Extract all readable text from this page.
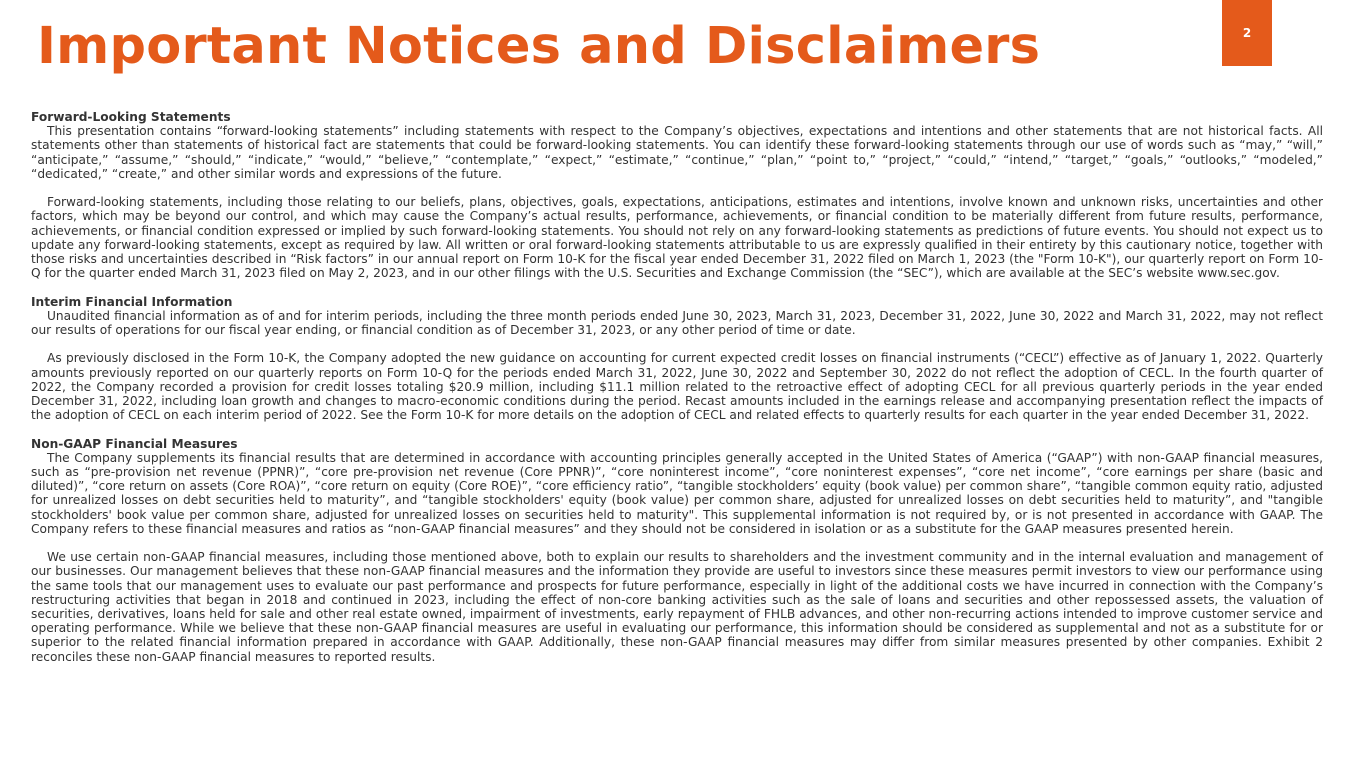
Important Notices and Disclaimers	2

Forward-Looking Statements

This presentation contains “forward-looking statements” including statements with respect to the Company’s objectives, expectations and intentions and other statements that are not historical facts. All statements other than statements of historical fact are statements that could be forward-looking statements. You can identify these forward-looking statements through our use of words such as “may,” “will,” “anticipate,” “assume,” “should,” “indicate,” “would,” “believe,” “contemplate,” “expect,” “estimate,” “continue,” “plan,” “point to,” “project,” “could,” “intend,” “target,” “goals,” “outlooks,” “modeled,” “dedicated,” “create,” and other similar words and expressions of the future.

Forward-looking statements, including those relating to our beliefs, plans, objectives, goals, expectations, anticipations, estimates and intentions, involve known and unknown risks, uncertainties and other factors, which may be beyond our control, and which may cause the Company’s actual results, performance, achievements, or financial condition to be materially different from future results, performance, achievements, or financial condition expressed or implied by such forward-looking statements. You should not rely on any forward-looking statements as predictions of future events. You should not expect us to update any forward-looking statements, except as required by law. All written or oral forward-looking statements attributable to us are expressly qualified in their entirety by this cautionary notice, together with those risks and uncertainties described in “Risk factors” in our annual report on Form 10-K for the fiscal year ended December 31, 2022 filed on March 1, 2023 (the "Form 10-K"), our quarterly report on Form 10-Q for the quarter ended March 31, 2023 filed on May 2, 2023, and in our other filings with the U.S. Securities and Exchange Commission (the “SEC”), which are available at the SEC’s website www.sec.gov.

Interim Financial Information

Unaudited financial information as of and for interim periods, including the three month periods ended June 30, 2023, March 31, 2023, December 31, 2022, June 30, 2022 and March 31, 2022, may not reflect our results of operations for our fiscal year ending, or financial condition as of December 31, 2023, or any other period of time or date.

As previously disclosed in the Form 10-K, the Company adopted the new guidance on accounting for current expected credit losses on financial instruments (“CECL”) effective as of January 1, 2022. Quarterly amounts previously reported on our quarterly reports on Form 10-Q for the periods ended March 31, 2022, June 30, 2022 and September 30, 2022 do not reflect the adoption of CECL. In the fourth quarter of 2022, the Company recorded a provision for credit losses totaling $20.9 million, including $11.1 million related to the retroactive effect of adopting CECL for all previous quarterly periods in the year ended December 31, 2022, including loan growth and changes to macro-economic conditions during the period. Recast amounts included in the earnings release and accompanying presentation reflect the impacts of the adoption of CECL on each interim period of 2022. See the Form 10-K for more details on the adoption of CECL and related effects to quarterly results for each quarter in the year ended December 31, 2022.

Non-GAAP Financial Measures

The Company supplements its financial results that are determined in accordance with accounting principles generally accepted in the United States of America (“GAAP”) with non-GAAP financial measures, such as “pre-provision net revenue (PPNR)”, “core pre-provision net revenue (Core PPNR)”, “core noninterest income”, “core noninterest expenses”, “core net income”, “core earnings per share (basic and diluted)”, “core return on assets (Core ROA)”, “core return on equity (Core ROE)”, “core efficiency ratio”, “tangible stockholders’ equity (book value) per common share”, “tangible common equity ratio, adjusted for unrealized losses on debt securities held to maturity”, and “tangible stockholders' equity (book value) per common share, adjusted for unrealized losses on debt securities held to maturity”, and "tangible stockholders' book value per common share, adjusted for unrealized losses on securities held to maturity". This supplemental information is not required by, or is not presented in accordance with GAAP. The Company refers to these financial measures and ratios as “non-GAAP financial measures” and they should not be considered in isolation or as a substitute for the GAAP measures presented herein.

We use certain non-GAAP financial measures, including those mentioned above, both to explain our results to shareholders and the investment community and in the internal evaluation and management of our businesses. Our management believes that these non-GAAP financial measures and the information they provide are useful to investors since these measures permit investors to view our performance using the same tools that our management uses to evaluate our past performance and prospects for future performance, especially in light of the additional costs we have incurred in connection with the Company’s restructuring activities that began in 2018 and continued in 2023, including the effect of non-core banking activities such as the sale of loans and securities and other repossessed assets, the valuation of securities, derivatives, loans held for sale and other real estate owned, impairment of investments, early repayment of FHLB advances, and other non-recurring actions intended to improve customer service and operating performance. While we believe that these non-GAAP financial measures are useful in evaluating our performance, this information should be considered as supplemental and not as a substitute for or superior to the related financial information prepared in accordance with GAAP. Additionally, these non-GAAP financial measures may differ from similar measures presented by other companies. Exhibit 2 reconciles these non-GAAP financial measures to reported results.
